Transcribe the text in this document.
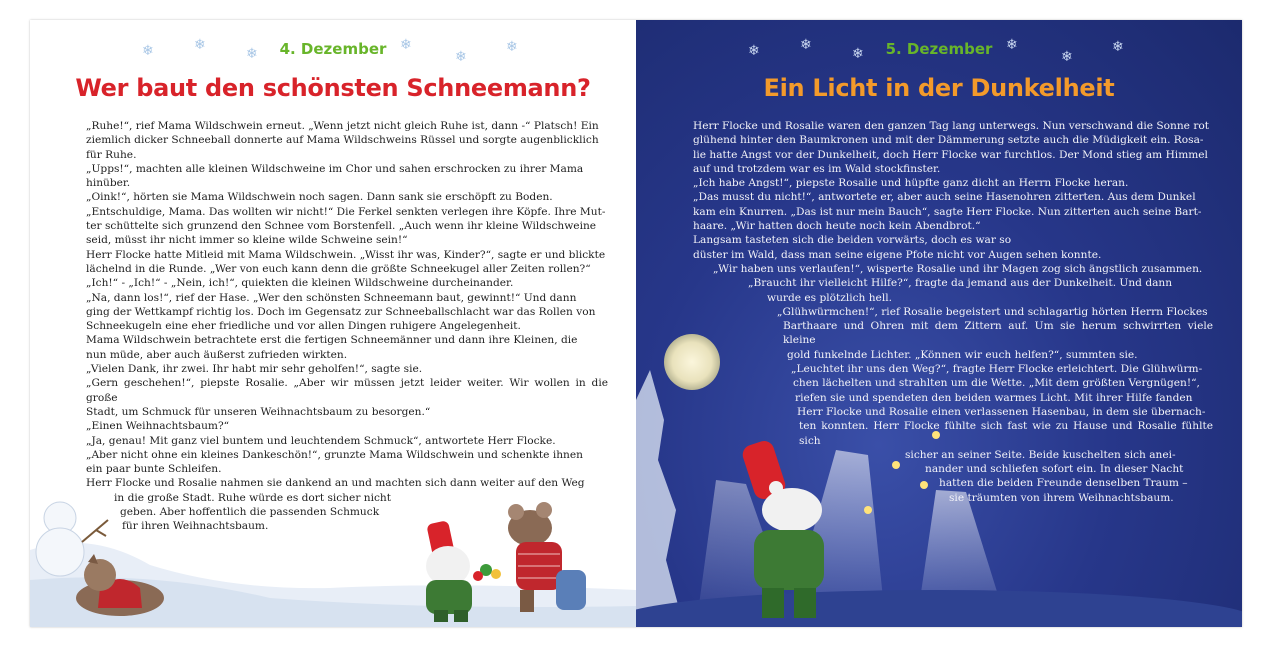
❄	❄
❄
❄
❄
❄
4. Dezember
Wer baut den schönsten Schneemann?

„Ruhe!“, rief Mama Wildschwein erneut. „Wenn jetzt nicht gleich Ruhe ist, dann -“ Platsch! Ein

ziemlich dicker Schneeball donnerte auf Mama Wildschweins Rüssel und sorgte augenblicklich

für Ruhe.

„Upps!“, machten alle kleinen Wildschweine im Chor und sahen erschrocken zu ihrer Mama

hinüber.

„Oink!“, hörten sie Mama Wildschwein noch sagen. Dann sank sie erschöpft zu Boden.

„Entschuldige, Mama. Das wollten wir nicht!“ Die Ferkel senkten verlegen ihre Köpfe. Ihre Mut-

ter schüttelte sich grunzend den Schnee vom Borstenfell. „Auch wenn ihr kleine Wildschweine

seid, müsst ihr nicht immer so kleine wilde Schweine sein!“

Herr Flocke hatte Mitleid mit Mama Wildschwein. „Wisst ihr was, Kinder?“, sagte er und blickte

lächelnd in die Runde. „Wer von euch kann denn die größte Schneekugel aller Zeiten rollen?“

„Ich!“ - „Ich!“ - „Nein, ich!“, quiekten die kleinen Wildschweine durcheinander.

„Na, dann los!“, rief der Hase. „Wer den schönsten Schneemann baut, gewinnt!“ Und dann

ging der Wettkampf richtig los. Doch im Gegensatz zur Schneeballschlacht war das Rollen von

Schneekugeln eine eher friedliche und vor allen Dingen ruhigere Angelegenheit.

Mama Wildschwein betrachtete erst die fertigen Schneemänner und dann ihre Kleinen, die

nun müde, aber auch äußerst zufrieden wirkten.

„Vielen Dank, ihr zwei. Ihr habt mir sehr geholfen!“, sagte sie.

„Gern geschehen!“, piepste Rosalie. „Aber wir müssen jetzt leider weiter. Wir wollen in die große

Stadt, um Schmuck für unseren Weihnachtsbaum zu besorgen.“

„Einen Weihnachtsbaum?“

„Ja, genau! Mit ganz viel buntem und leuchtendem Schmuck“, antwortete Herr Flocke.

„Aber nicht ohne ein kleines Dankeschön!“, grunzte Mama Wildschwein und schenkte ihnen

ein paar bunte Schleifen.

Herr Flocke und Rosalie nahmen sie dankend an und machten sich dann weiter auf den Weg

in die große Stadt. Ruhe würde es dort sicher nicht

geben. Aber hoffentlich die passenden Schmuck

für ihren Weihnachtsbaum.

❄	❄
❄
❄
❄
❄
5. Dezember
Ein Licht in der Dunkelheit

Herr Flocke und Rosalie waren den ganzen Tag lang unterwegs. Nun verschwand die Sonne rot

glühend hinter den Baumkronen und mit der Dämmerung setzte auch die Müdigkeit ein. Rosa-

lie hatte Angst vor der Dunkelheit, doch Herr Flocke war furchtlos. Der Mond stieg am Himmel

auf und trotzdem war es im Wald stockfinster.

„Ich habe Angst!“, piepste Rosalie und hüpfte ganz dicht an Herrn Flocke heran.

„Das musst du nicht!“, antwortete er, aber auch seine Hasenohren zitterten. Aus dem Dunkel

kam ein Knurren. „Das ist nur mein Bauch“, sagte Herr Flocke. Nun zitterten auch seine Bart-

haare. „Wir hatten doch heute noch kein Abendbrot.“

Langsam tasteten sich die beiden vorwärts, doch es war so

düster im Wald, dass man seine eigene Pfote nicht vor Augen sehen konnte.

„Wir haben uns verlaufen!“, wisperte Rosalie und ihr Magen zog sich ängstlich zusammen.

„Braucht ihr vielleicht Hilfe?“, fragte da jemand aus der Dunkelheit. Und dann

wurde es plötzlich hell.

„Glühwürmchen!“, rief Rosalie begeistert und schlagartig hörten Herrn Flockes

Barthaare und Ohren mit dem Zittern auf. Um sie herum schwirrten viele kleine

gold funkelnde Lichter. „Können wir euch helfen?“, summten sie.

„Leuchtet ihr uns den Weg?“, fragte Herr Flocke erleichtert. Die Glühwürm-

chen lächelten und strahlten um die Wette. „Mit dem größten Vergnügen!“,

riefen sie und spendeten den beiden warmes Licht. Mit ihrer Hilfe fanden

Herr Flocke und Rosalie einen verlassenen Hasenbau, in dem sie übernach-

ten konnten. Herr Flocke fühlte sich fast wie zu Hause und Rosalie fühlte sich

sicher an seiner Seite. Beide kuschelten sich anei-

nander und schliefen sofort ein. In dieser Nacht

hatten die beiden Freunde denselben Traum –

sie träumten von ihrem Weihnachtsbaum.
